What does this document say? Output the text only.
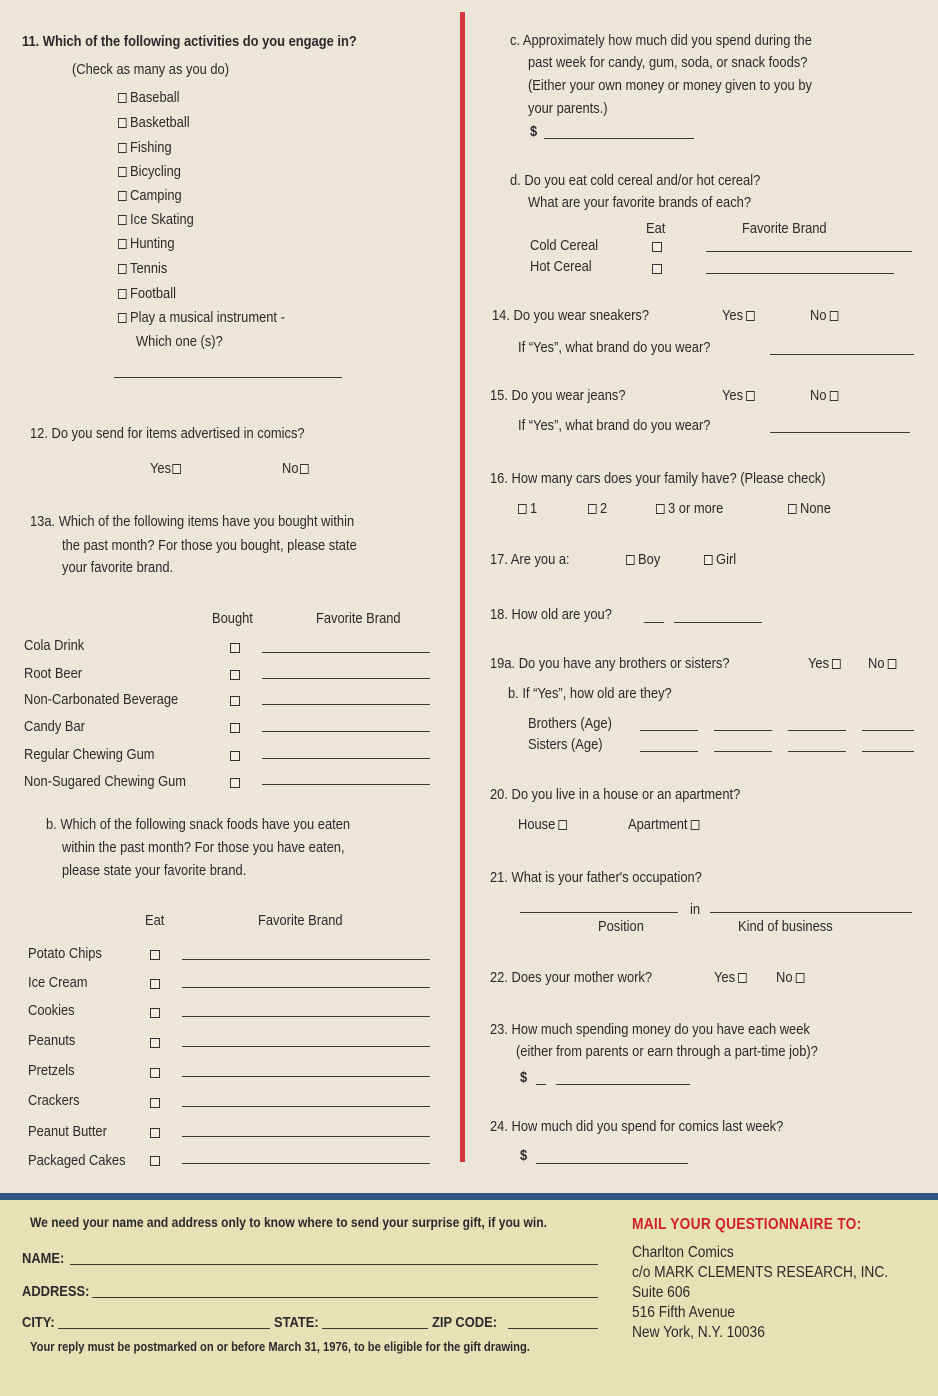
11. Which of the following activities do you engage in?
(Check as many as you do)
Baseball
Basketball
Fishing
Bicycling
Camping
Ice Skating
Hunting
Tennis
Football
Play a musical instrument -
Which one (s)?
12. Do you send for items advertised in comics?
Yes	No
13a. Which of the following items have you bought within
the past month? For those you bought, please state
your favorite brand.
Bought	Favorite Brand
Cola Drink
Root Beer
Non-Carbonated Beverage
Candy Bar
Regular Chewing Gum
Non-Sugared Chewing Gum
b. Which of the following snack foods have you eaten
within the past month? For those you have eaten,
please state your favorite brand.
Eat	Favorite Brand
Potato Chips
Ice Cream
Cookies
Peanuts
Pretzels
Crackers
Peanut Butter
Packaged Cakes
c. Approximately how much did you spend during the
past week for candy, gum, soda, or snack foods?
(Either your own money or money given to you by
your parents.)
$
d. Do you eat cold cereal and/or hot cereal?
What are your favorite brands of each?
Eat	Favorite Brand
Cold Cereal
Hot Cereal
14. Do you wear sneakers?	Yes	No
If “Yes”, what brand do you wear?
15. Do you wear jeans?	Yes	No
If “Yes”, what brand do you wear?
16. How many cars does your family have? (Please check)
1	2	3 or more	None
17. Are you a:	Boy	Girl
18. How old are you?
19a. Do you have any brothers or sisters?	Yes	No
b. If “Yes”, how old are they?
Brothers (Age)
Sisters (Age)
20. Do you live in a house or an apartment?
House	Apartment
21. What is your father's occupation?
in
Position	Kind of business
22. Does your mother work?	Yes	No
23. How much spending money do you have each week
(either from parents or earn through a part-time job)?
$
24. How much did you spend for comics last week?
$
We need your name and address only to know where to send your surprise gift, if you win.
NAME:
ADDRESS:
CITY:	STATE:	ZIP CODE:
Your reply must be postmarked on or before March 31, 1976, to be eligible for the gift drawing.
MAIL YOUR QUESTIONNAIRE TO:
Charlton Comics
c/o MARK CLEMENTS RESEARCH, INC.
Suite 606
516 Fifth Avenue
New York, N.Y. 10036
